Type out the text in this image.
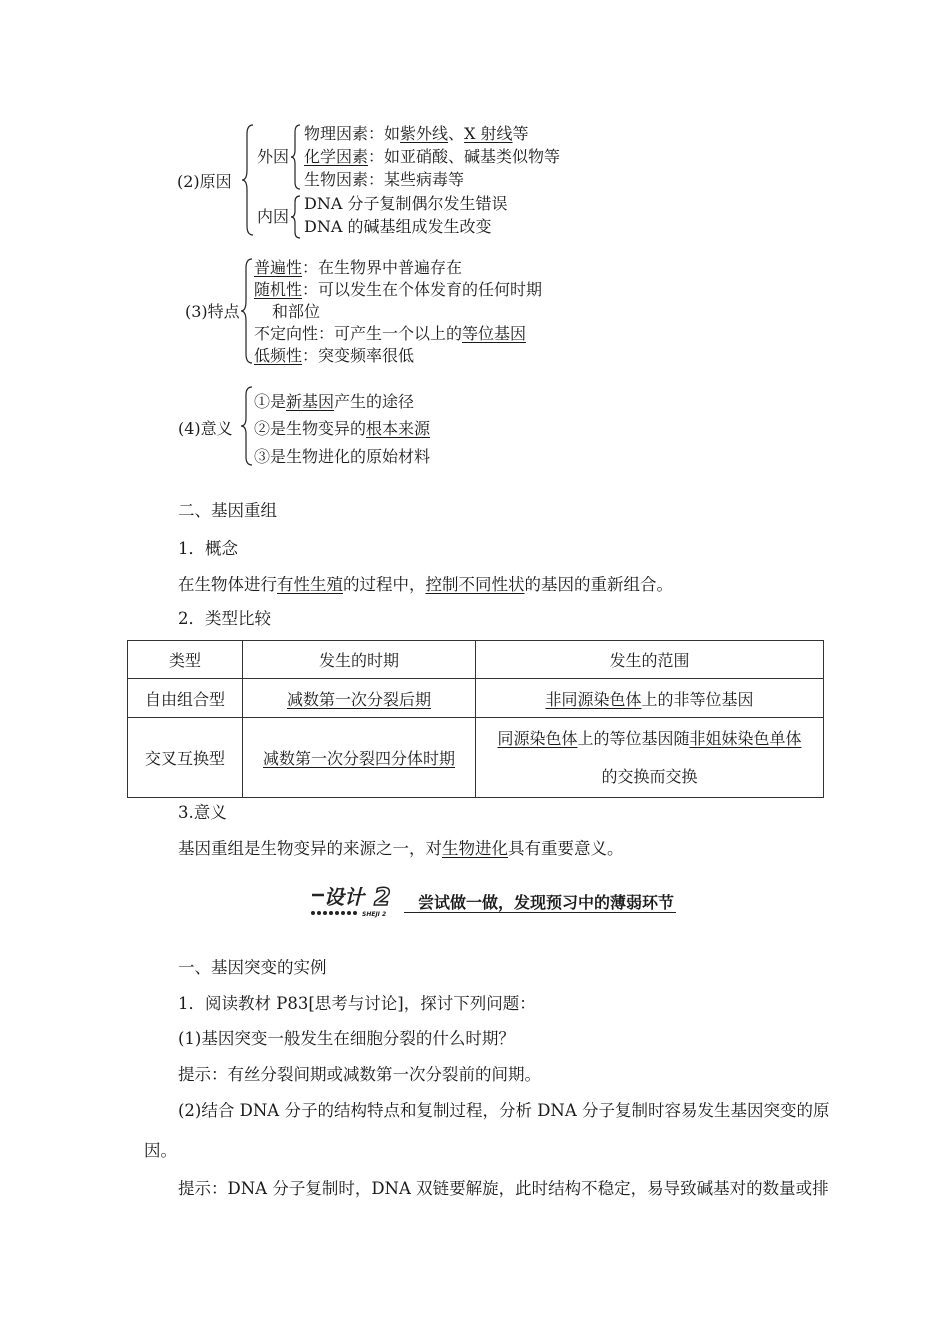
(2)原因
外因
物理因素：如紫外线、X 射线等
化学因素：如亚硝酸、碱基类似物等
生物因素：某些病毒等
内因
DNA 分子复制偶尔发生错误
DNA 的碱基组成发生改变
(3)特点
普遍性：在生物界中普遍存在
随机性：可以发生在个体发育的任何时期
和部位
不定向性：可产生一个以上的等位基因
低频性：突变频率很低
(4)意义
①是新基因产生的途径
②是生物变异的根本来源
③是生物进化的原始材料
二、基因重组
1．概念
在生物体进行有性生殖的过程中，控制不同性状的基因的重新组合。
2．类型比较
类型	发生的时期	发生的范围
自由组合型	减数第一次分裂后期	非同源染色体上的非等位基因
交叉互换型	减数第一次分裂四分体时期	同源染色体上的等位基因随非姐妹染色单体
的交换而交换
3.意义
基因重组是生物变异的来源之一，对生物进化具有重要意义。
设计 2
SHEJI 2
尝试做一做，发现预习中的薄弱环节
一、基因突变的实例
1．阅读教材 P83[思考与讨论]，探讨下列问题：
(1)基因突变一般发生在细胞分裂的什么时期？
提示：有丝分裂间期或减数第一次分裂前的间期。
(2)结合 DNA 分子的结构特点和复制过程，分析 DNA 分子复制时容易发生基因突变的原
因。
提示：DNA 分子复制时，DNA 双链要解旋，此时结构不稳定，易导致碱基对的数量或排
